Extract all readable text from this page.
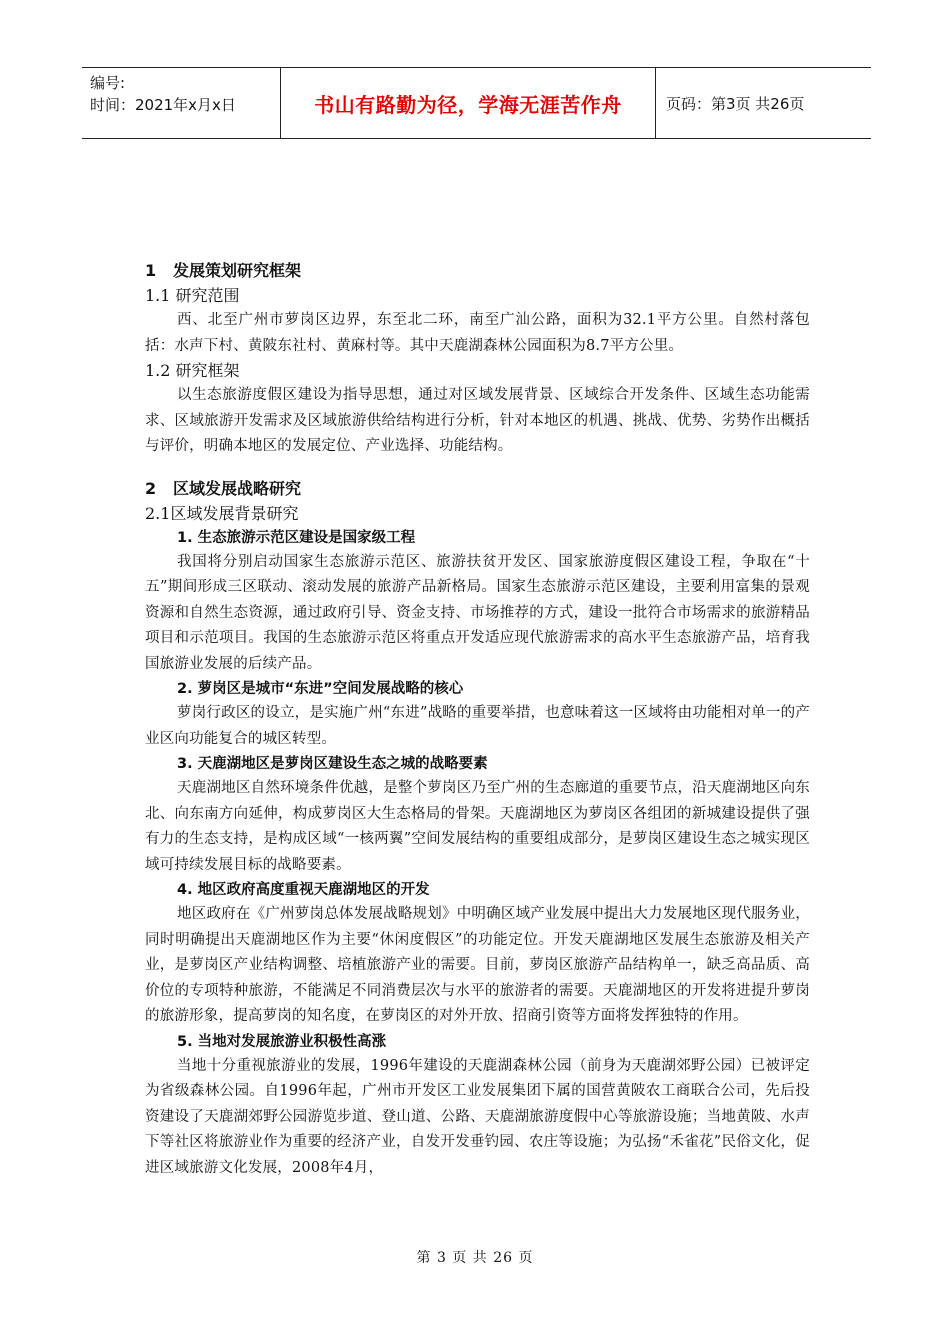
编号:
时间：2021年x月x日	书山有路勤为径，学海无涯苦作舟	页码：第3页 共26页

1 发展策划研究框架

1.1 研究范围

西、北至广州市萝岗区边界，东至北二环，南至广汕公路，面积为32.1平方公里。自然村落包括：水声下村、黄陂东社村、黄麻村等。其中天鹿湖森林公园面积为8.7平方公里。

1.2 研究框架

以生态旅游度假区建设为指导思想，通过对区域发展背景、区域综合开发条件、区域生态功能需求、区域旅游开发需求及区域旅游供给结构进行分析，针对本地区的机遇、挑战、优势、劣势作出概括与评价，明确本地区的发展定位、产业选择、功能结构。

2 区域发展战略研究

2.1区域发展背景研究

1. 生态旅游示范区建设是国家级工程

我国将分别启动国家生态旅游示范区、旅游扶贫开发区、国家旅游度假区建设工程，争取在“十五”期间形成三区联动、滚动发展的旅游产品新格局。国家生态旅游示范区建设，主要利用富集的景观资源和自然生态资源，通过政府引导、资金支持、市场推荐的方式，建设一批符合市场需求的旅游精品项目和示范项目。我国的生态旅游示范区将重点开发适应现代旅游需求的高水平生态旅游产品，培育我国旅游业发展的后续产品。

2. 萝岗区是城市“东进”空间发展战略的核心

萝岗行政区的设立，是实施广州“东进”战略的重要举措，也意味着这一区域将由功能相对单一的产业区向功能复合的城区转型。

3. 天鹿湖地区是萝岗区建设生态之城的战略要素

天鹿湖地区自然环境条件优越，是整个萝岗区乃至广州的生态廊道的重要节点，沿天鹿湖地区向东北、向东南方向延伸，构成萝岗区大生态格局的骨架。天鹿湖地区为萝岗区各组团的新城建设提供了强有力的生态支持，是构成区域“一核两翼”空间发展结构的重要组成部分，是萝岗区建设生态之城实现区域可持续发展目标的战略要素。

4. 地区政府高度重视天鹿湖地区的开发

地区政府在《广州萝岗总体发展战略规划》中明确区域产业发展中提出大力发展地区现代服务业，同时明确提出天鹿湖地区作为主要“休闲度假区”的功能定位。开发天鹿湖地区发展生态旅游及相关产业，是萝岗区产业结构调整、培植旅游产业的需要。目前，萝岗区旅游产品结构单一，缺乏高品质、高价位的专项特种旅游，不能满足不同消费层次与水平的旅游者的需要。天鹿湖地区的开发将进提升萝岗的旅游形象，提高萝岗的知名度，在萝岗区的对外开放、招商引资等方面将发挥独特的作用。

5. 当地对发展旅游业积极性高涨

当地十分重视旅游业的发展，1996年建设的天鹿湖森林公园（前身为天鹿湖郊野公园）已被评定为省级森林公园。自1996年起，广州市开发区工业发展集团下属的国营黄陂农工商联合公司，先后投资建设了天鹿湖郊野公园游览步道、登山道、公路、天鹿湖旅游度假中心等旅游设施；当地黄陂、水声下等社区将旅游业作为重要的经济产业，自发开发垂钓园、农庄等设施；为弘扬“禾雀花”民俗文化，促进区域旅游文化发展，2008年4月，

第 3 页 共 26 页
